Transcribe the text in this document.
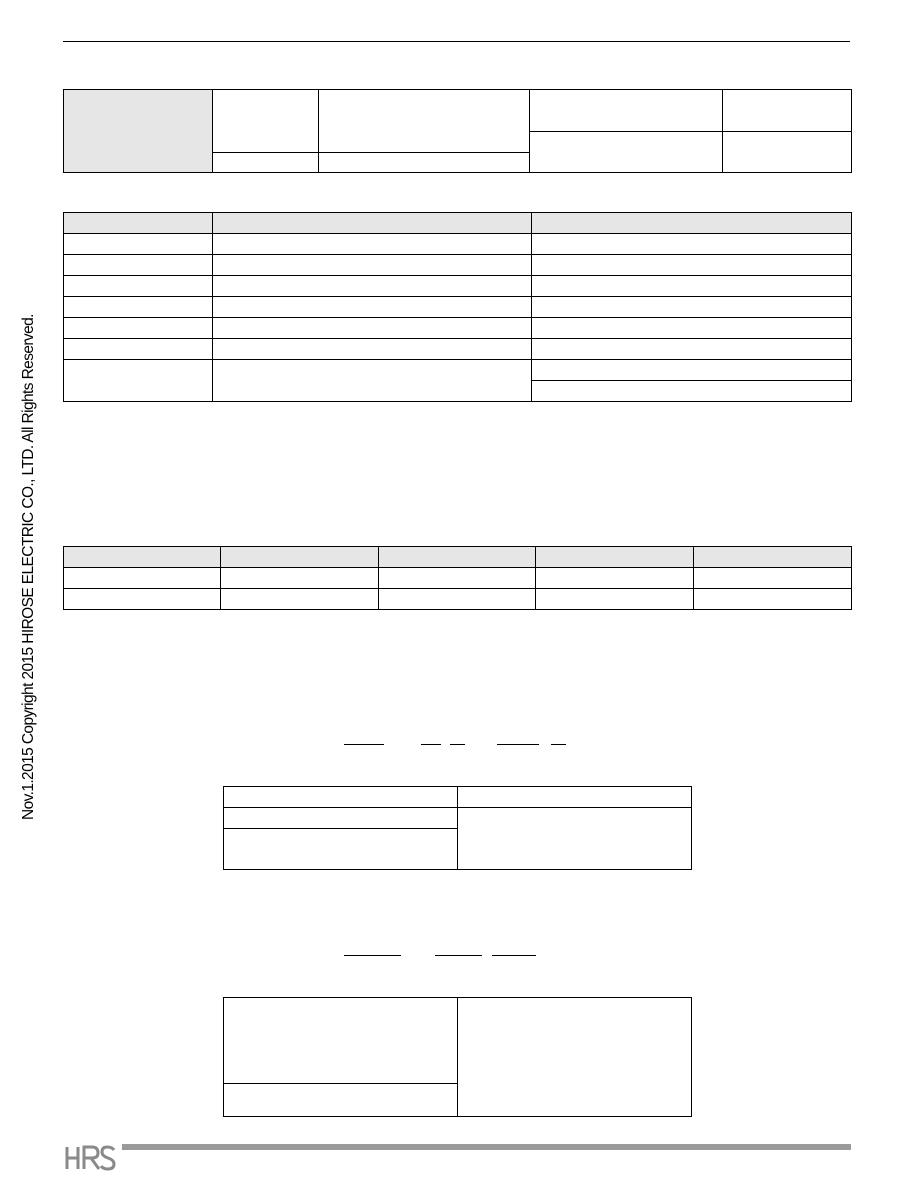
Nov.1.2015 Copyright 2015 HIROSE ELECTRIC CO., LTD. All Rights Reserved.

HRS
